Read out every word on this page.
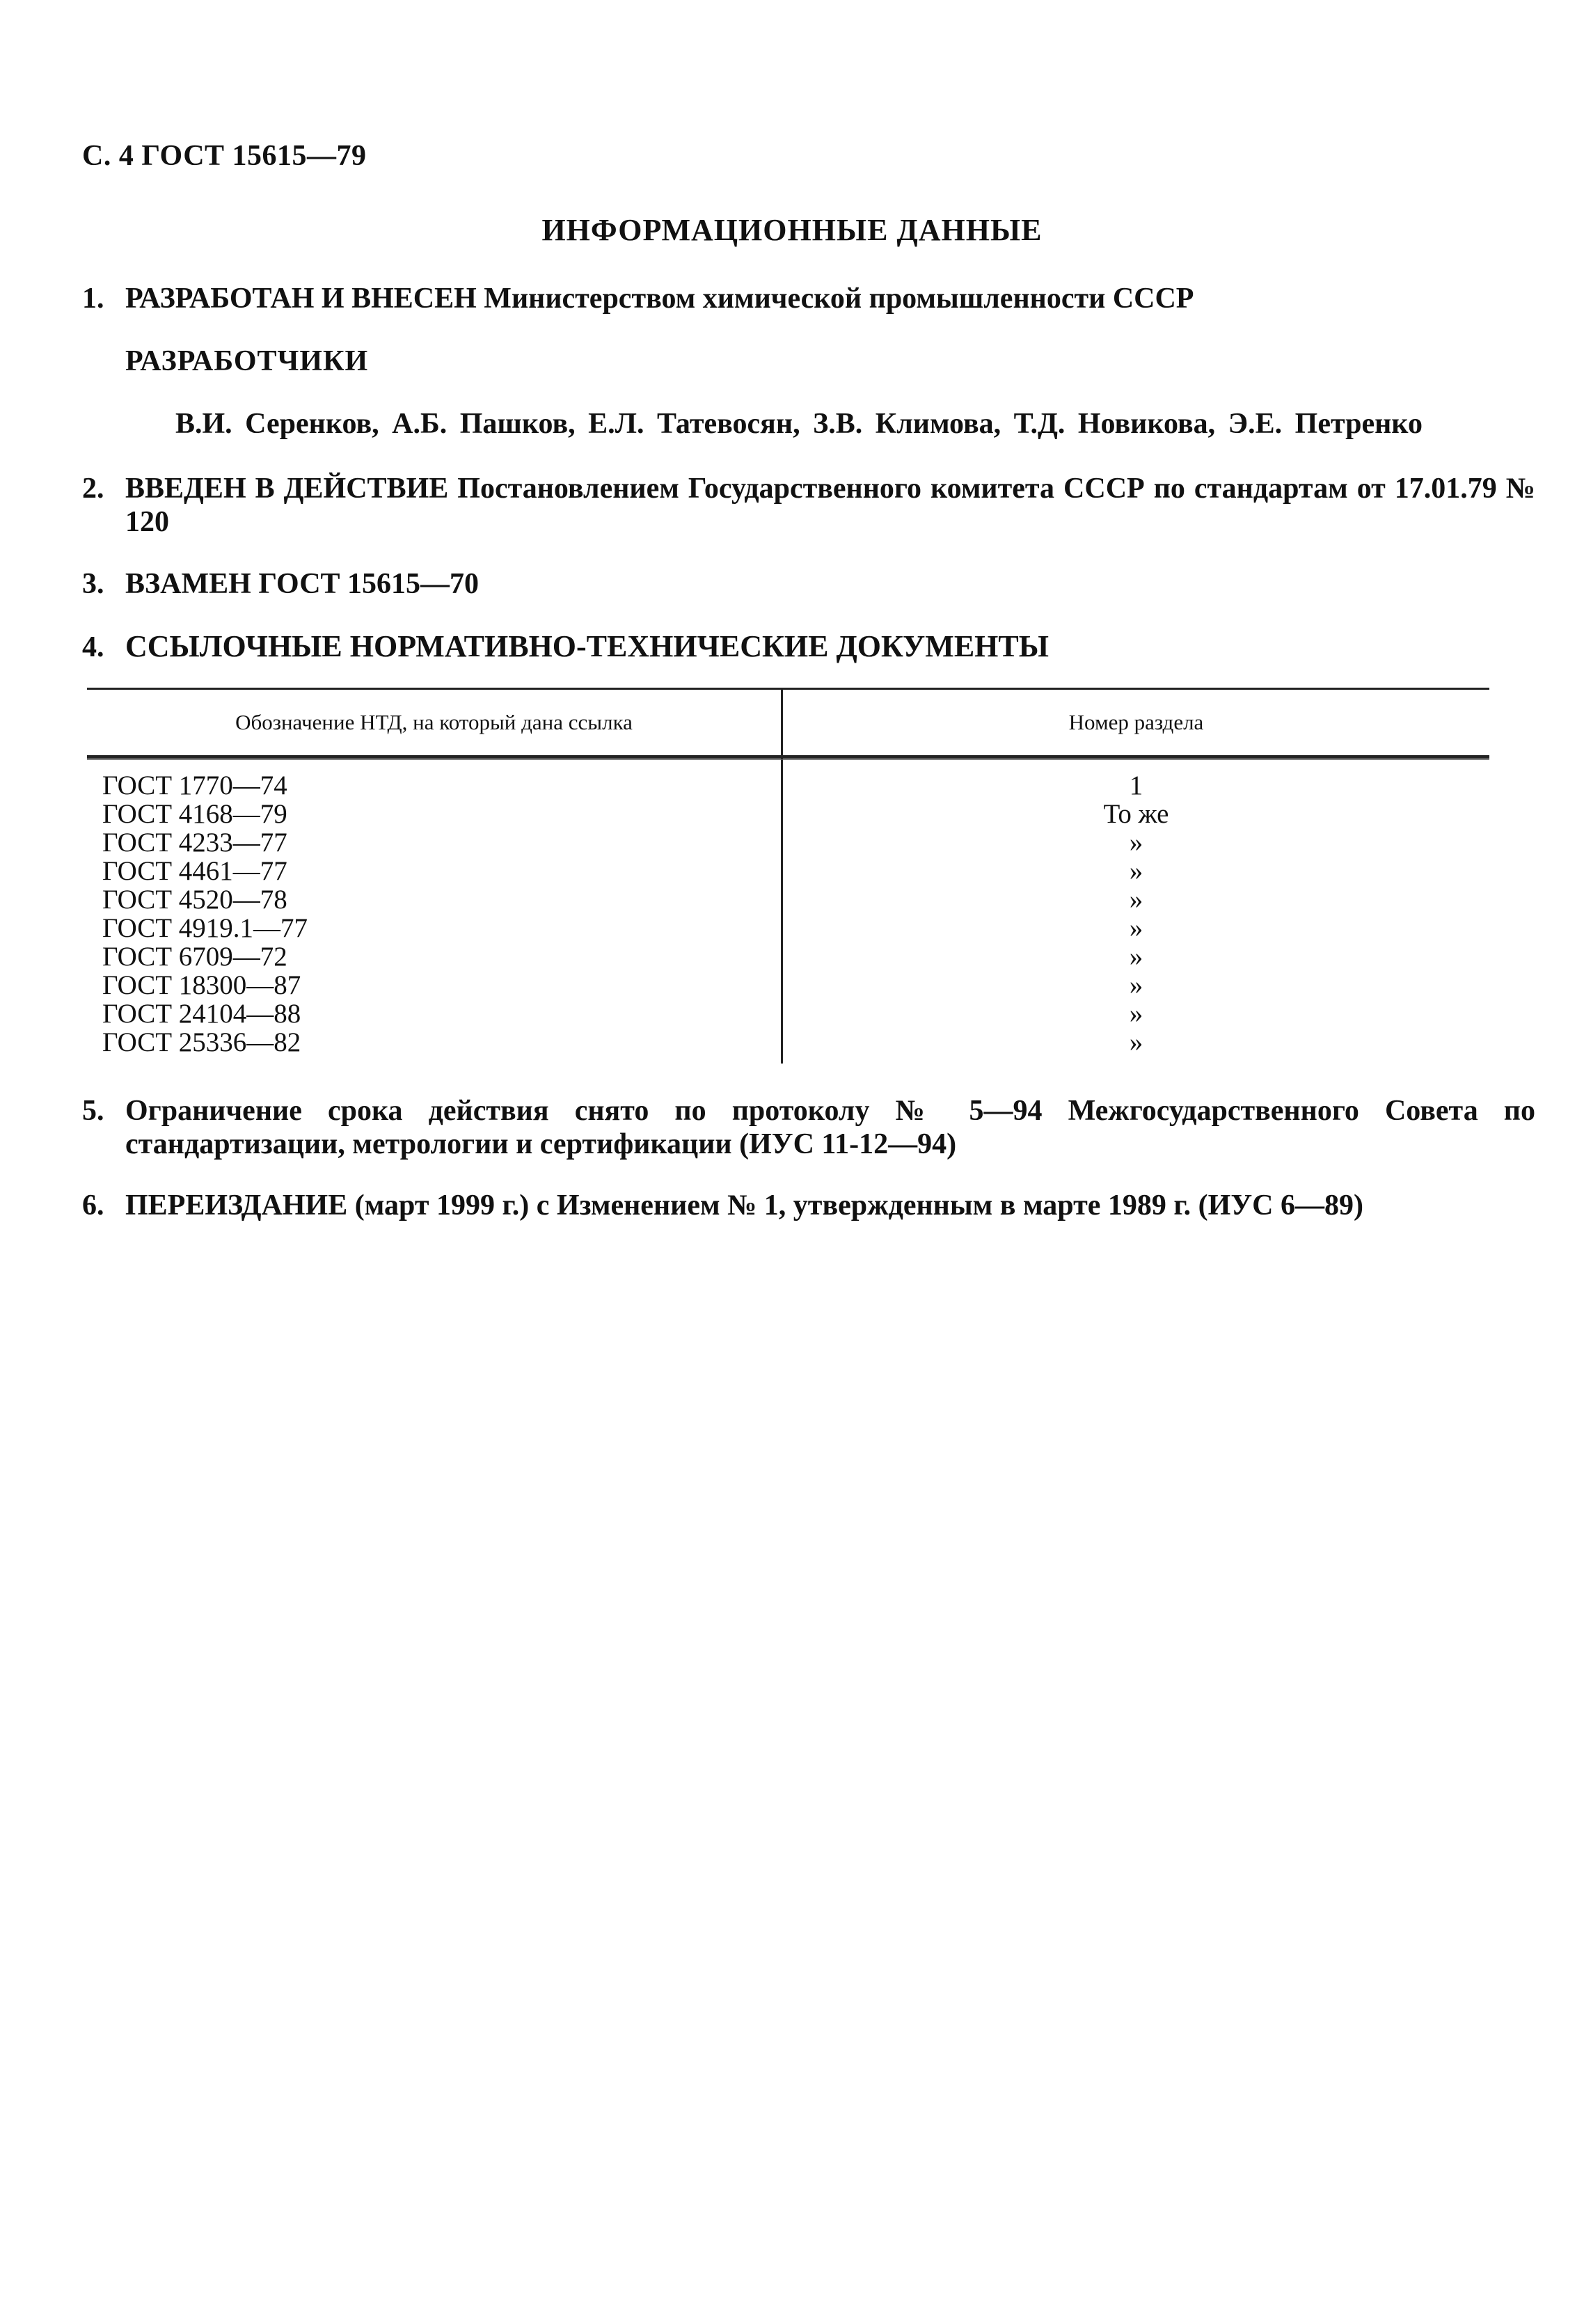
С. 4 ГОСТ 15615—79
ИНФОРМАЦИОННЫЕ ДАННЫЕ
1. РАЗРАБОТАН И ВНЕСЕН Министерством химической промышленности СССР
РАЗРАБОТЧИКИ
В.И. Серенков, А.Б. Пашков, Е.Л. Татевосян, З.В. Климова, Т.Д. Новикова, Э.Е. Петренко
2. ВВЕДЕН В ДЕЙСТВИЕ Постановлением Государственного комитета СССР по стандартам от 17.01.79 № 120
3. ВЗАМЕН ГОСТ 15615—70
4. ССЫЛОЧНЫЕ НОРМАТИВНО-ТЕХНИЧЕСКИЕ ДОКУМЕНТЫ
Обозначение НТД, на который дана ссылка	Номер раздела
ГОСТ 1770—74	1
ГОСТ 4168—79	То же
ГОСТ 4233—77	»
ГОСТ 4461—77	»
ГОСТ 4520—78	»
ГОСТ 4919.1—77	»
ГОСТ 6709—72	»
ГОСТ 18300—87	»
ГОСТ 24104—88	»
ГОСТ 25336—82	»
5. Ограничение срока действия снято по протоколу № 5—94 Межгосударственного Совета по стандартизации, метрологии и сертификации (ИУС 11-12—94)
6. ПЕРЕИЗДАНИЕ (март 1999 г.) с Изменением № 1, утвержденным в марте 1989 г. (ИУС 6—89)
